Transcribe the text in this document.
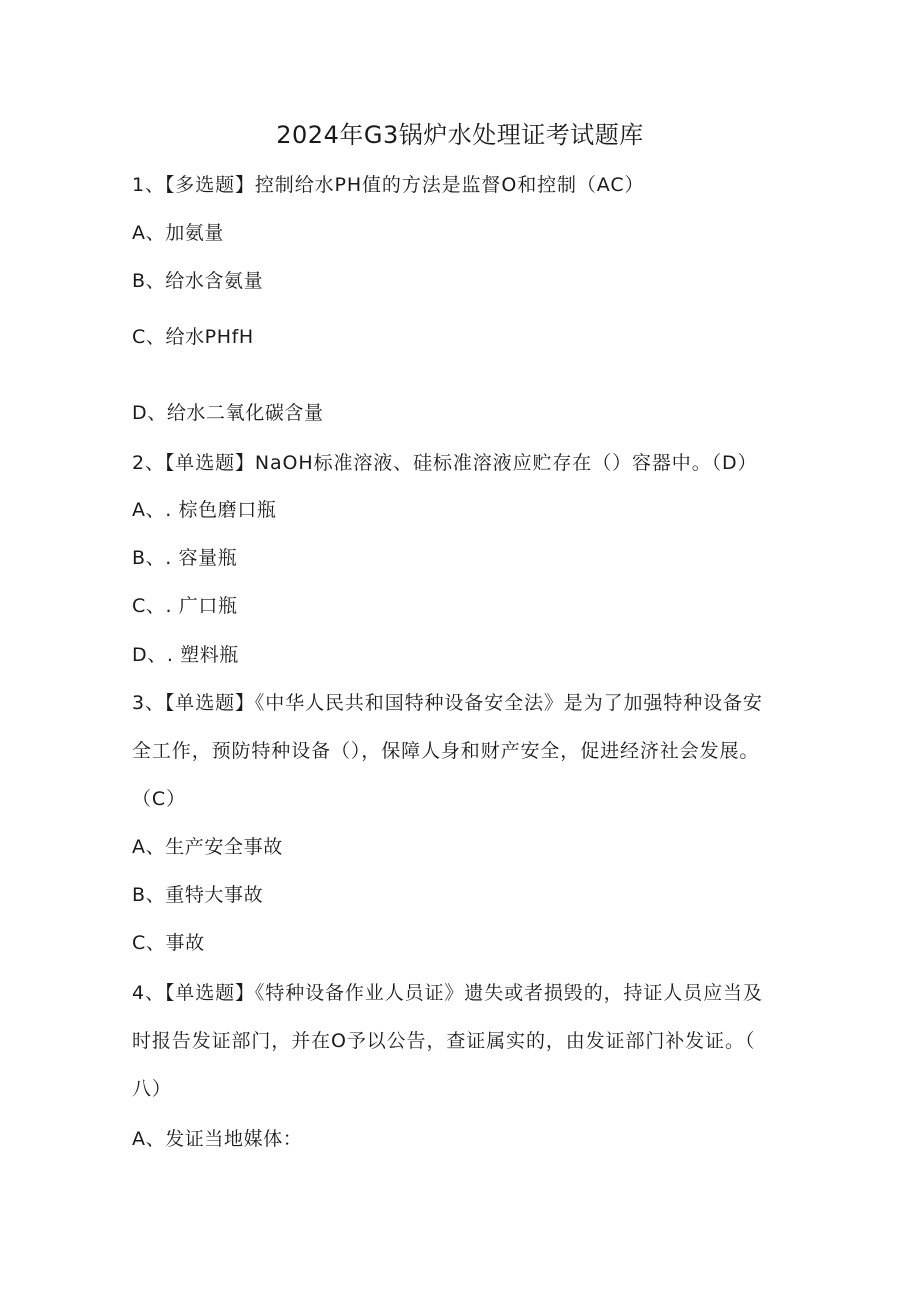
2024年G3锅炉水处理证考试题库
1、【多选题】控制给水PH值的方法是监督O和控制（AC）
A、加氨量
B、给水含氨量
C、给水PHfH
D、给水二氧化碳含量
2、【单选题】NaOH标准溶液、硅标准溶液应贮存在（）容器中。（D）
A、. 棕色磨口瓶
B、. 容量瓶
C、. 广口瓶
D、. 塑料瓶
3、【单选题】《中华人民共和国特种设备安全法》是为了加强特种设备安
全工作，预防特种设备（），保障人身和财产安全，促进经济社会发展。
（C）
A、生产安全事故
B、重特大事故
C、事故
4、【单选题】《特种设备作业人员证》遗失或者损毁的，持证人员应当及
时报告发证部门，并在O予以公告，查证属实的，由发证部门补发证。（
八）
A、发证当地媒体：
